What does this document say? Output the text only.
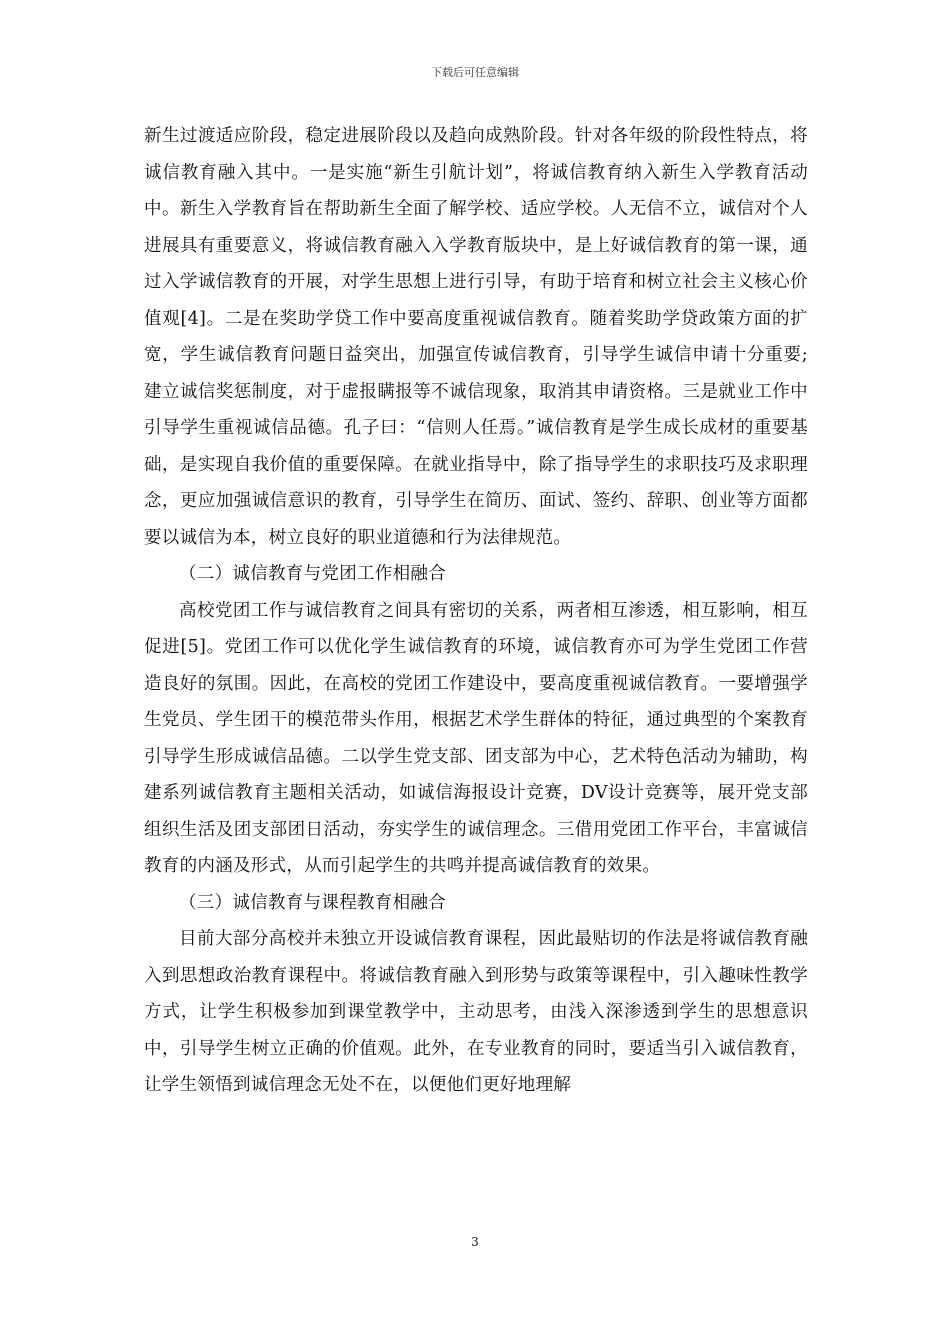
下载后可任意编辑

新生过渡适应阶段，稳定进展阶段以及趋向成熟阶段。针对各年级的阶段性特点，将诚信教育融入其中。一是实施“新生引航计划”，将诚信教育纳入新生入学教育活动中。新生入学教育旨在帮助新生全面了解学校、适应学校。人无信不立，诚信对个人进展具有重要意义，将诚信教育融入入学教育版块中，是上好诚信教育的第一课，通过入学诚信教育的开展，对学生思想上进行引导，有助于培育和树立社会主义核心价值观[4]。二是在奖助学贷工作中要高度重视诚信教育。随着奖助学贷政策方面的扩宽，学生诚信教育问题日益突出，加强宣传诚信教育，引导学生诚信申请十分重要;建立诚信奖惩制度，对于虚报瞒报等不诚信现象，取消其申请资格。三是就业工作中引导学生重视诚信品德。孔子曰：“信则人任焉。”诚信教育是学生成长成材的重要基础，是实现自我价值的重要保障。在就业指导中，除了指导学生的求职技巧及求职理念，更应加强诚信意识的教育，引导学生在简历、面试、签约、辞职、创业等方面都要以诚信为本，树立良好的职业道德和行为法律规范。

（二）诚信教育与党团工作相融合

高校党团工作与诚信教育之间具有密切的关系，两者相互渗透，相互影响，相互促进[5]。党团工作可以优化学生诚信教育的环境，诚信教育亦可为学生党团工作营造良好的氛围。因此，在高校的党团工作建设中，要高度重视诚信教育。一要增强学生党员、学生团干的模范带头作用，根据艺术学生群体的特征，通过典型的个案教育引导学生形成诚信品德。二以学生党支部、团支部为中心，艺术特色活动为辅助，构建系列诚信教育主题相关活动，如诚信海报设计竞赛，DV设计竞赛等，展开党支部组织生活及团支部团日活动，夯实学生的诚信理念。三借用党团工作平台，丰富诚信教育的内涵及形式，从而引起学生的共鸣并提高诚信教育的效果。

（三）诚信教育与课程教育相融合

目前大部分高校并未独立开设诚信教育课程，因此最贴切的作法是将诚信教育融入到思想政治教育课程中。将诚信教育融入到形势与政策等课程中，引入趣味性教学方式，让学生积极参加到课堂教学中，主动思考，由浅入深渗透到学生的思想意识中，引导学生树立正确的价值观。此外，在专业教育的同时，要适当引入诚信教育，让学生领悟到诚信理念无处不在，以便他们更好地理解

3
